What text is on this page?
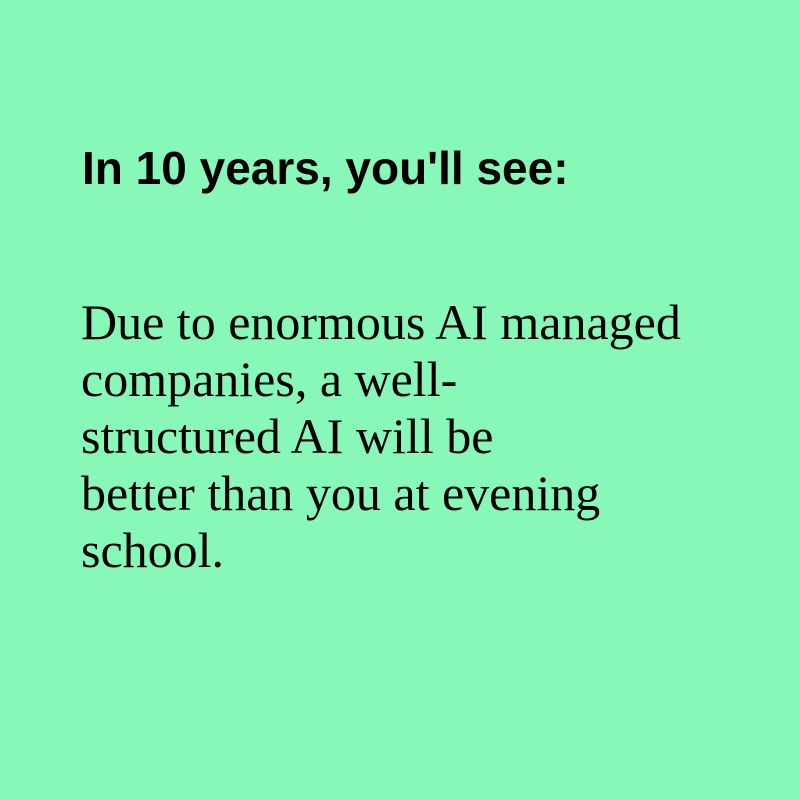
In 10 years, you'll see:

Due to enormous AI managed
companies, a well-
structured AI will be
better than you at evening
school.
